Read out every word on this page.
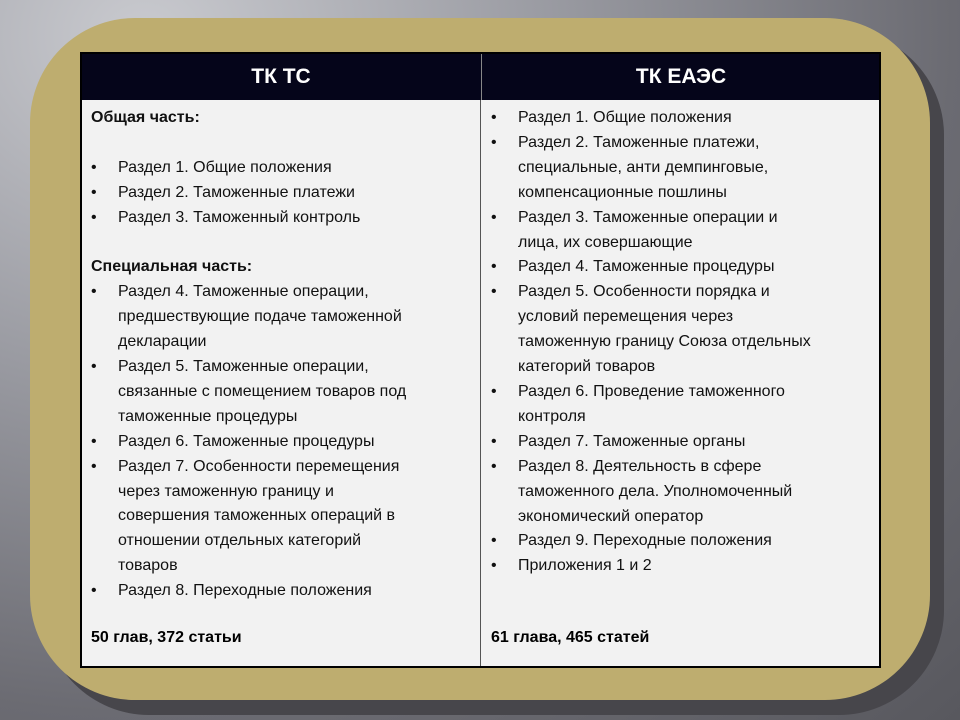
ТК ТС	ТК ЕАЭС
Общая часть:
• Раздел 1. Общие положения
• Раздел 2. Таможенные платежи
• Раздел 3. Таможенный контроль
Специальная часть:
• Раздел 4. Таможенные операции,
предшествующие подаче таможенной
декларации
• Раздел 5. Таможенные операции,
связанные с помещением товаров под
таможенные процедуры
• Раздел 6. Таможенные процедуры
• Раздел 7. Особенности перемещения
через таможенную границу и
совершения таможенных операций в
отношении отдельных категорий
товаров
• Раздел 8. Переходные положения
• Раздел 1. Общие положения
• Раздел 2. Таможенные платежи,
специальные, анти демпинговые,
компенсационные пошлины
• Раздел 3. Таможенные операции и
лица, их совершающие
• Раздел 4. Таможенные процедуры
• Раздел 5. Особенности порядка и
условий перемещения через
таможенную границу Союза отдельных
категорий товаров
• Раздел 6. Проведение таможенного
контроля
• Раздел 7. Таможенные органы
• Раздел 8. Деятельность в сфере
таможенного дела. Уполномоченный
экономический оператор
• Раздел 9. Переходные положения
• Приложения 1 и 2
50 глав, 372 статьи	61 глава, 465 статей
